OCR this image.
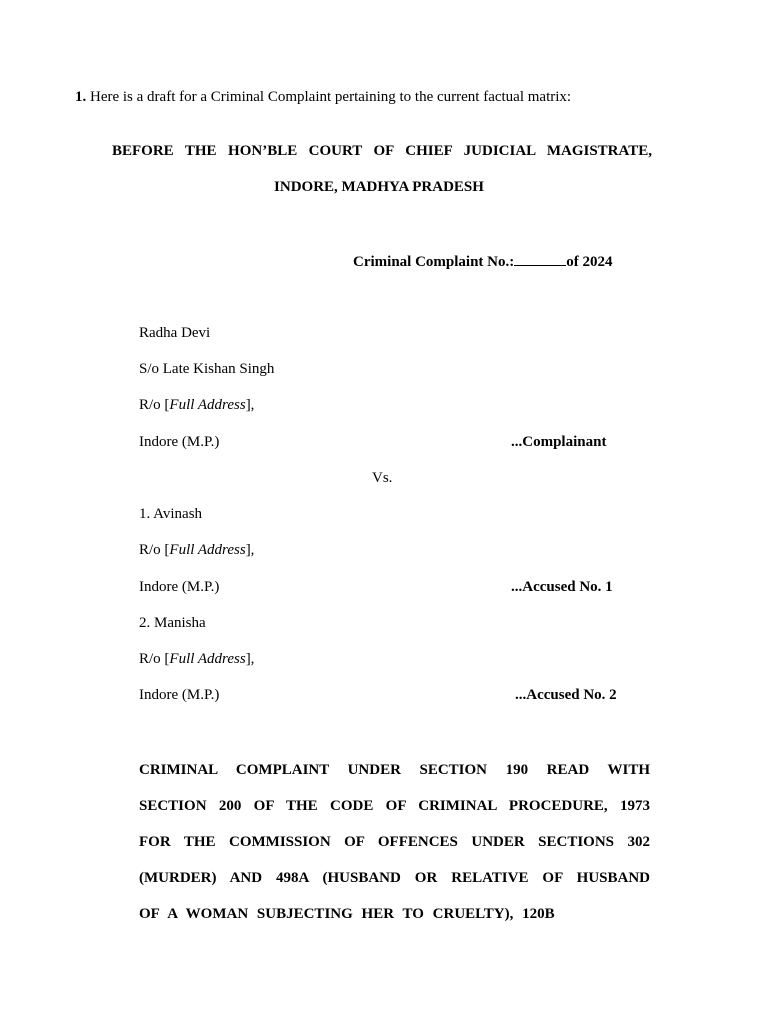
1. Here is a draft for a Criminal Complaint pertaining to the current factual matrix:
BEFORE THE HON’BLE COURT OF CHIEF JUDICIAL MAGISTRATE,
INDORE, MADHYA PRADESH
Criminal Complaint No.:	of 2024
Radha Devi
S/o Late Kishan Singh
R/o [Full Address],
Indore (M.P.)	...Complainant
Vs.
1. Avinash
R/o [Full Address],
Indore (M.P.)	...Accused No. 1
2. Manisha
R/o [Full Address],
Indore (M.P.)	...Accused No. 2
CRIMINAL COMPLAINT UNDER SECTION 190 READ WITH
SECTION 200 OF THE CODE OF CRIMINAL PROCEDURE, 1973
FOR THE COMMISSION OF OFFENCES UNDER SECTIONS 302
(MURDER) AND 498A (HUSBAND OR RELATIVE OF HUSBAND
OF A WOMAN SUBJECTING HER TO CRUELTY), 120B
